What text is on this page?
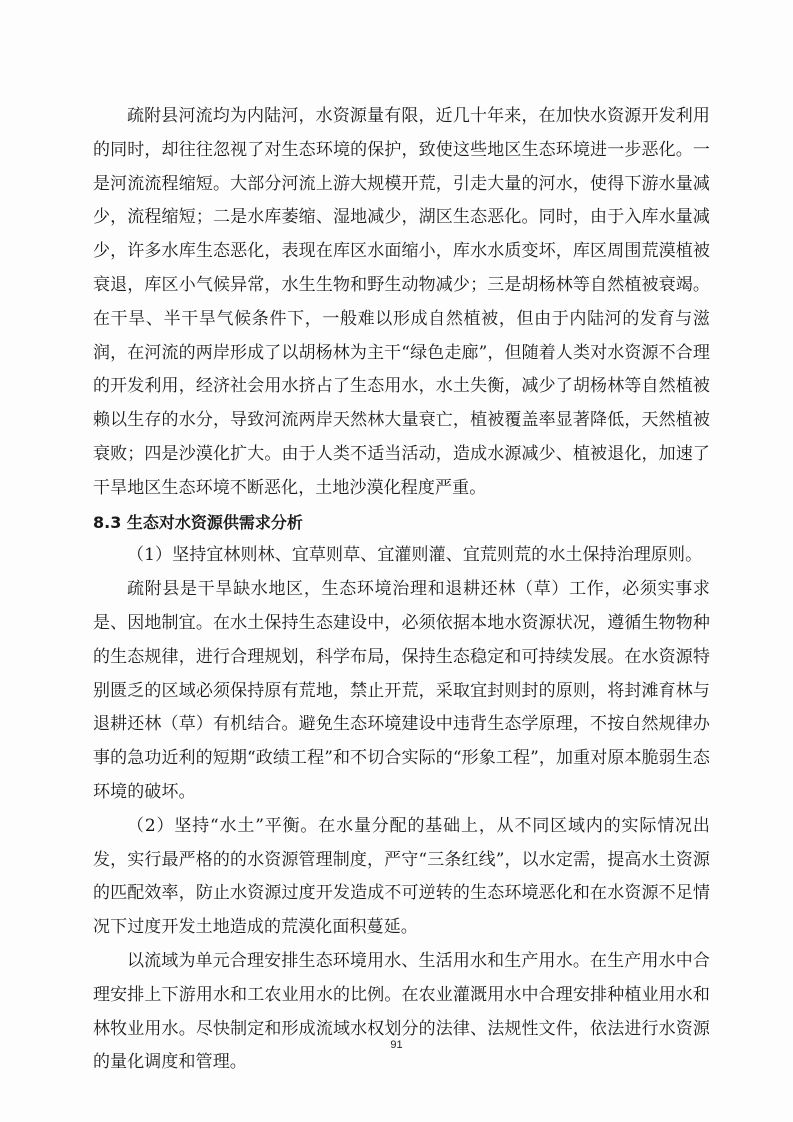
疏附县河流均为内陆河，水资源量有限，近几十年来，在加快水资源开发利用的同时，却往往忽视了对生态环境的保护，致使这些地区生态环境进一步恶化。一是河流流程缩短。大部分河流上游大规模开荒，引走大量的河水，使得下游水量减少，流程缩短；二是水库萎缩、湿地减少，湖区生态恶化。同时，由于入库水量减少，许多水库生态恶化，表现在库区水面缩小，库水水质变坏，库区周围荒漠植被衰退，库区小气候异常，水生生物和野生动物减少；三是胡杨林等自然植被衰竭。在干旱、半干旱气候条件下，一般难以形成自然植被，但由于内陆河的发育与滋润，在河流的两岸形成了以胡杨林为主干“绿色走廊”，但随着人类对水资源不合理的开发利用，经济社会用水挤占了生态用水，水土失衡，减少了胡杨林等自然植被赖以生存的水分，导致河流两岸天然林大量衰亡，植被覆盖率显著降低，天然植被衰败；四是沙漠化扩大。由于人类不适当活动，造成水源减少、植被退化，加速了干旱地区生态环境不断恶化，土地沙漠化程度严重。

8.3 生态对水资源供需求分析

（1）坚持宜林则林、宜草则草、宜灌则灌、宜荒则荒的水土保持治理原则。

疏附县是干旱缺水地区，生态环境治理和退耕还林（草）工作，必须实事求是、因地制宜。在水土保持生态建设中，必须依据本地水资源状况，遵循生物物种的生态规律，进行合理规划，科学布局，保持生态稳定和可持续发展。在水资源特别匮乏的区域必须保持原有荒地，禁止开荒，采取宜封则封的原则，将封滩育林与退耕还林（草）有机结合。避免生态环境建设中违背生态学原理，不按自然规律办事的急功近利的短期“政绩工程”和不切合实际的“形象工程”，加重对原本脆弱生态环境的破坏。

（2）坚持“水土”平衡。在水量分配的基础上，从不同区域内的实际情况出发，实行最严格的的水资源管理制度，严守“三条红线”，以水定需，提高水土资源的匹配效率，防止水资源过度开发造成不可逆转的生态环境恶化和在水资源不足情况下过度开发土地造成的荒漠化面积蔓延。

以流域为单元合理安排生态环境用水、生活用水和生产用水。在生产用水中合理安排上下游用水和工农业用水的比例。在农业灌溉用水中合理安排种植业用水和林牧业用水。尽快制定和形成流域水权划分的法律、法规性文件，依法进行水资源的量化调度和管理。

91
